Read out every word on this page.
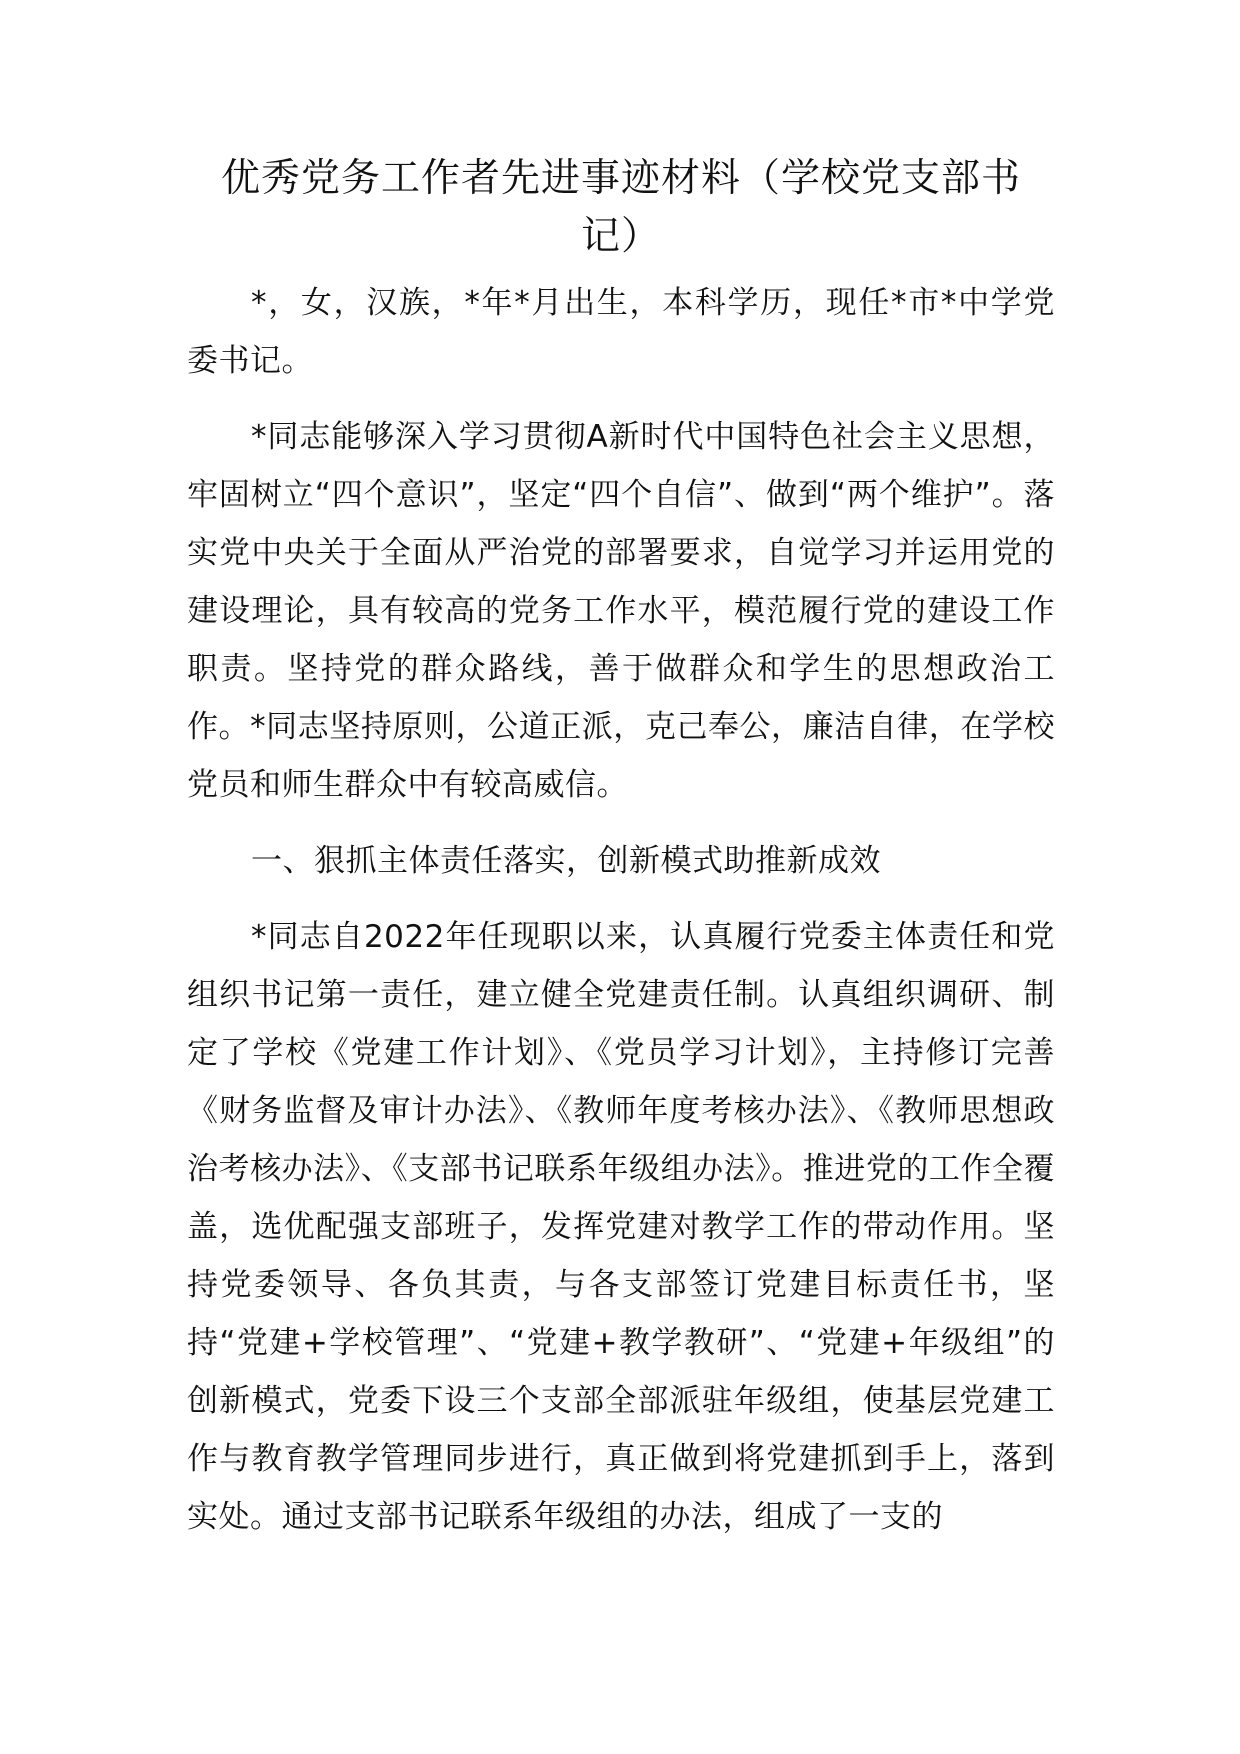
优秀党务工作者先进事迹材料（学校党支部书记）

*，女，汉族，*年*月出生，本科学历，现任*市*中学党委书记。

*同志能够深入学习贯彻A新时代中国特色社会主义思想，牢固树立“四个意识”，坚定“四个自信”、做到“两个维护”。落实党中央关于全面从严治党的部署要求，自觉学习并运用党的建设理论，具有较高的党务工作水平，模范履行党的建设工作职责。坚持党的群众路线，善于做群众和学生的思想政治工作。*同志坚持原则，公道正派，克己奉公，廉洁自律，在学校党员和师生群众中有较高威信。

一、狠抓主体责任落实，创新模式助推新成效

*同志自2022年任现职以来，认真履行党委主体责任和党组织书记第一责任，建立健全党建责任制。认真组织调研、制定了学校《党建工作计划》、《党员学习计划》，主持修订完善《财务监督及审计办法》、《教师年度考核办法》、《教师思想政治考核办法》、《支部书记联系年级组办法》。推进党的工作全覆盖，选优配强支部班子，发挥党建对教学工作的带动作用。坚持党委领导、各负其责，与各支部签订党建目标责任书，坚持“党建+学校管理”、“党建+教学教研”、“党建+年级组”的创新模式，党委下设三个支部全部派驻年级组，使基层党建工作与教育教学管理同步进行，真正做到将党建抓到手上，落到实处。通过支部书记联系年级组的办法，组成了一支的
